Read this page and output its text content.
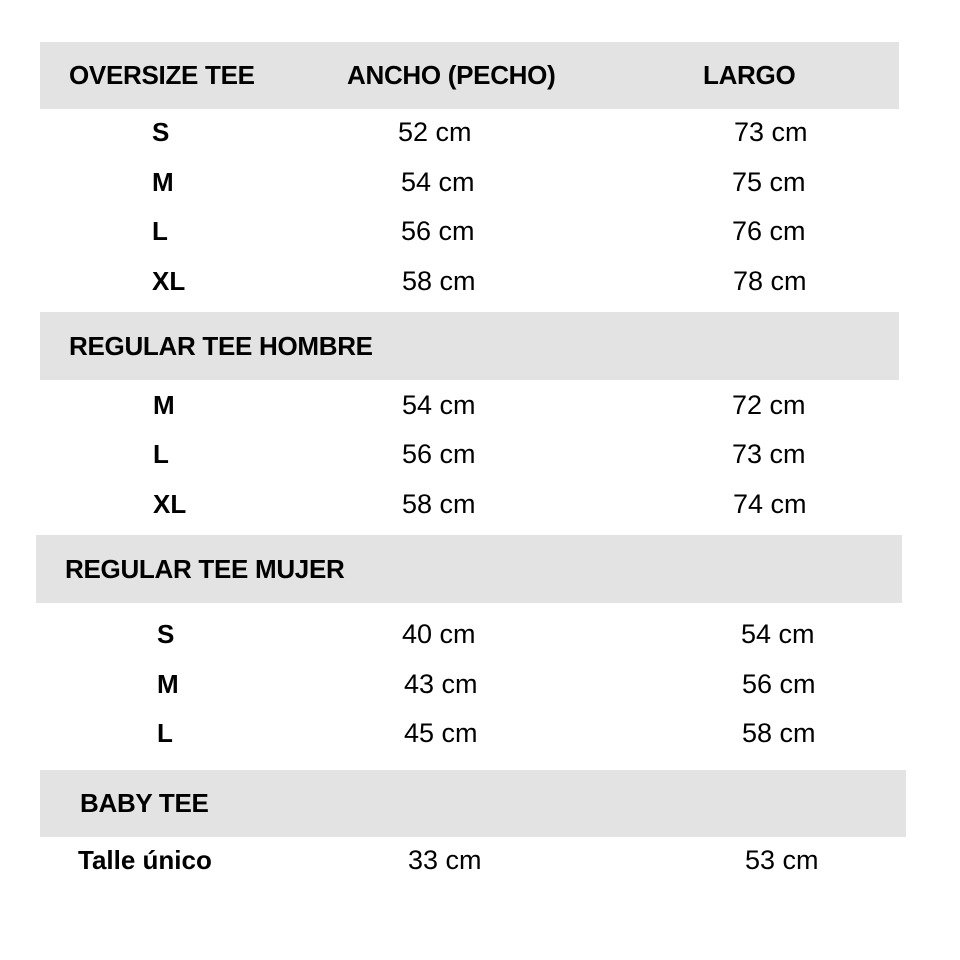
OVERSIZE TEE	ANCHO (PECHO)	LARGO
S	52 cm	73 cm
M	54 cm	75 cm
L	56 cm	76 cm
XL	58 cm	78 cm
REGULAR TEE HOMBRE
M	54 cm	72 cm
L	56 cm	73 cm
XL	58 cm	74 cm
REGULAR TEE MUJER
S	40 cm	54 cm
M	43 cm	56 cm
L	45 cm	58 cm
BABY TEE
Talle único	33 cm	53 cm
